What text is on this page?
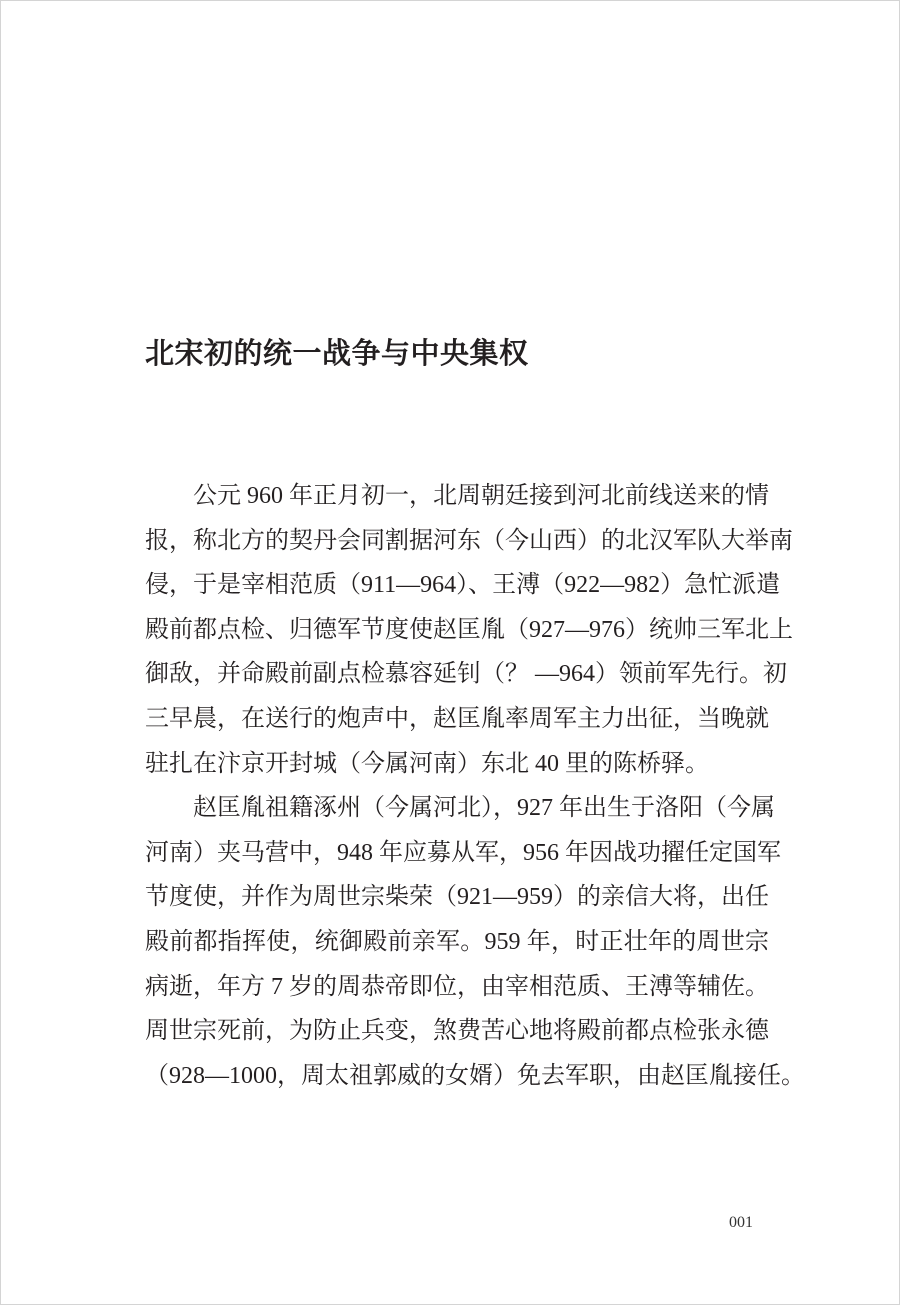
北宋初的统一战争与中央集权
公元 960 年正月初一，北周朝廷接到河北前线送来的情
报，称北方的契丹会同割据河东（今山西）的北汉军队大举南
侵，于是宰相范质（911—964）、王溥（922—982）急忙派遣
殿前都点检、归德军节度使赵匡胤（927—976）统帅三军北上
御敌，并命殿前副点检慕容延钊（？ —964）领前军先行。初
三早晨，在送行的炮声中，赵匡胤率周军主力出征，当晚就
驻扎在汴京开封城（今属河南）东北 40 里的陈桥驿。
赵匡胤祖籍涿州（今属河北），927 年出生于洛阳（今属
河南）夹马营中，948 年应募从军，956 年因战功擢任定国军
节度使，并作为周世宗柴荣（921—959）的亲信大将，出任
殿前都指挥使，统御殿前亲军。959 年，时正壮年的周世宗
病逝，年方 7 岁的周恭帝即位，由宰相范质、王溥等辅佐。
周世宗死前，为防止兵变，煞费苦心地将殿前都点检张永德
（928—1000，周太祖郭威的女婿）免去军职，由赵匡胤接任。
001
